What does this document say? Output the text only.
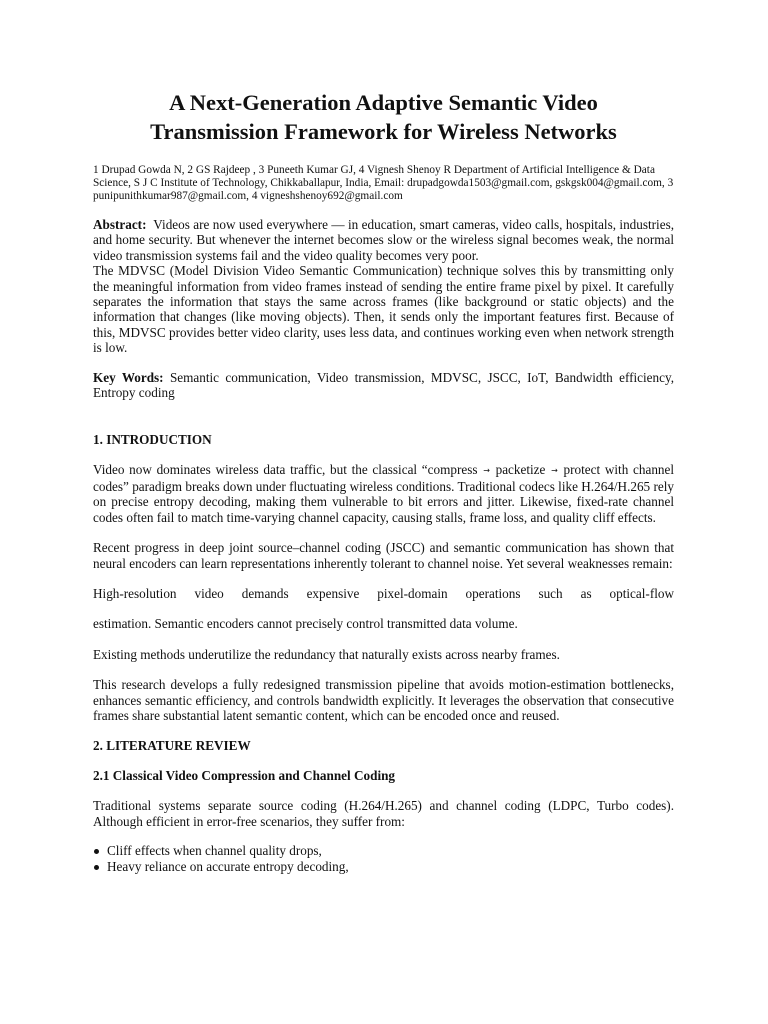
A Next-Generation Adaptive Semantic Video
Transmission Framework for Wireless Networks
1 Drupad Gowda N, 2 GS Rajdeep , 3 Puneeth Kumar GJ, 4 Vignesh Shenoy R Department of Artificial Intelligence & Data Science, S J C Institute of Technology, Chikkaballapur, India, Email: drupadgowda1503@gmail.com, gskgsk004@gmail.com, 3 punipunithkumar987@gmail.com, 4 vigneshshenoy692@gmail.com
Abstract: Videos are now used everywhere — in education, smart cameras, video calls, hospitals, industries, and home security. But whenever the internet becomes slow or the wireless signal becomes weak, the normal video transmission systems fail and the video quality becomes very poor.
The MDVSC (Model Division Video Semantic Communication) technique solves this by transmitting only the meaningful information from video frames instead of sending the entire frame pixel by pixel. It carefully separates the information that stays the same across frames (like background or static objects) and the information that changes (like moving objects). Then, it sends only the important features first. Because of this, MDVSC provides better video clarity, uses less data, and continues working even when network strength is low.
Key Words: Semantic communication, Video transmission, MDVSC, JSCC, IoT, Bandwidth efficiency, Entropy coding
1. INTRODUCTION
Video now dominates wireless data traffic, but the classical “compress → packetize → protect with channel codes” paradigm breaks down under fluctuating wireless conditions. Traditional codecs like H.264/H.265 rely on precise entropy decoding, making them vulnerable to bit errors and jitter. Likewise, fixed-rate channel codes often fail to match time-varying channel capacity, causing stalls, frame loss, and quality cliff effects.
Recent progress in deep joint source–channel coding (JSCC) and semantic communication has shown that neural encoders can learn representations inherently tolerant to channel noise. Yet several weaknesses remain:
High-resolution video demands expensive pixel-domain operations such as optical-flow
estimation. Semantic encoders cannot precisely control transmitted data volume.
Existing methods underutilize the redundancy that naturally exists across nearby frames.
This research develops a fully redesigned transmission pipeline that avoids motion-estimation bottlenecks, enhances semantic efficiency, and controls bandwidth explicitly. It leverages the observation that consecutive frames share substantial latent semantic content, which can be encoded once and reused.
2. LITERATURE REVIEW
2.1 Classical Video Compression and Channel Coding
Traditional systems separate source coding (H.264/H.265) and channel coding (LDPC, Turbo codes). Although efficient in error-free scenarios, they suffer from:
Cliff effects when channel quality drops,
Heavy reliance on accurate entropy decoding,
